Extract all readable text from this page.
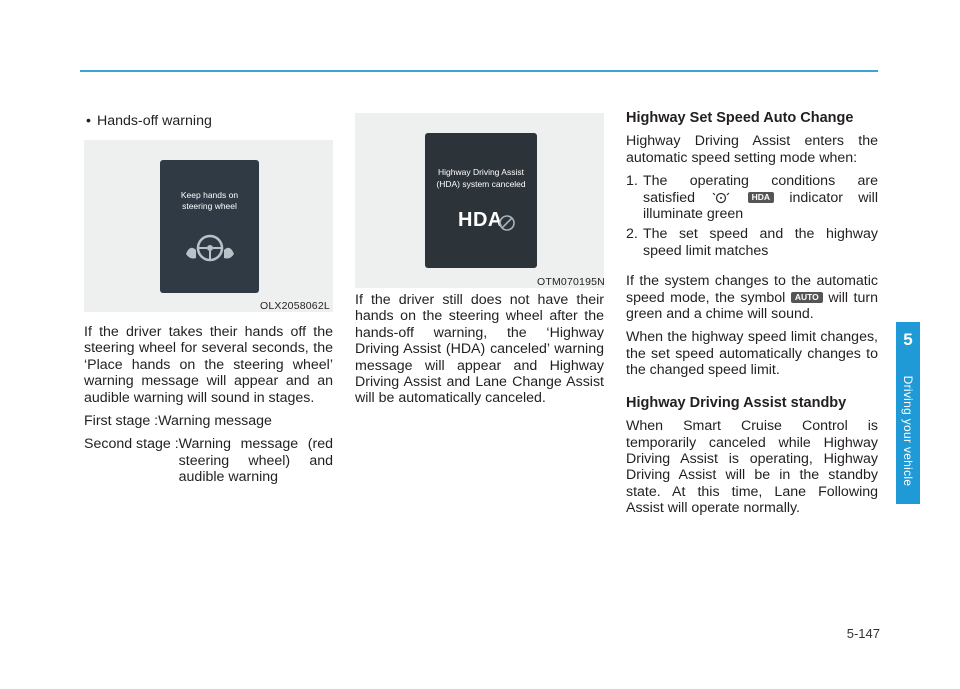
5
Driving your vehicle
• Hands-off warning
Keep hands on
steering wheel
OLX2058062L

If the driver takes their hands off the steering wheel for several seconds, the ‘Place hands on the steering wheel’ warning message will appear and an audible warning will sound in stages.

First stage : Warning message
Second stage : Warning message (red steering wheel) and audible warning
Highway Driving Assist
(HDA) system canceled
HDA
OTM070195N

If the driver still does not have their hands on the steering wheel after the hands-off warning, the ‘Highway Driving Assist (HDA) canceled’ warning message will appear and Highway Driving Assist and Lane Change Assist will be automatically canceled.

Highway Set Speed Auto Change

Highway Driving Assist enters the automatic speed setting mode when:

1. The operating conditions are satisfied	HDA indicator will illuminate green
2. The set speed and the highway speed limit matches

If the system changes to the automatic speed mode, the symbol AUTO will turn green and a chime will sound.

When the highway speed limit changes, the set speed automatically changes to the changed speed limit.

Highway Driving Assist standby

When Smart Cruise Control is temporarily canceled while Highway Driving Assist is operating, Highway Driving Assist will be in the standby state. At this time, Lane Following Assist will operate normally.

5-147
